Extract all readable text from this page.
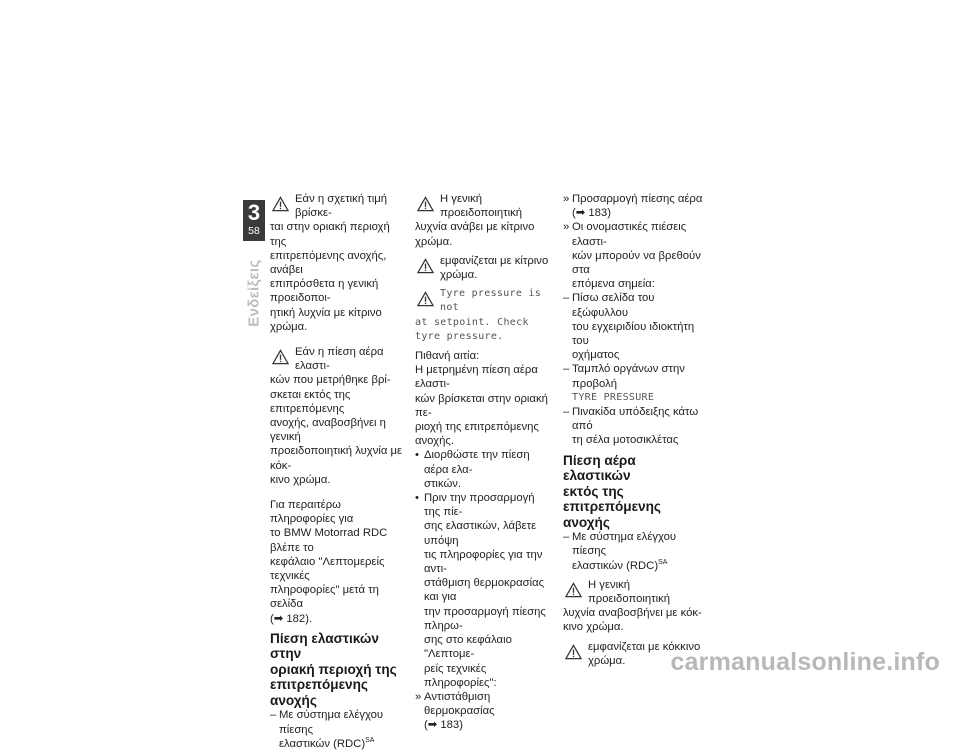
3
58
Ενδείξεις
Εάν η σχετική τιμή βρίσκε-
ται στην οριακή περιοχή της
επιτρεπόμενης ανοχής, ανάβει
επιπρόσθετα η γενική προειδοποι-
ητική λυχνία με κίτρινο χρώμα.
Εάν η πίεση αέρα ελαστι-
κών που μετρήθηκε βρί-
σκεται εκτός της επιτρεπόμενης
ανοχής, αναβοσβήνει η γενική
προειδοποιητική λυχνία με κόκ-
κινο χρώμα.
Για περαιτέρω πληροφορίες για
το BMW Motorrad RDC βλέπε το
κεφάλαιο "Λεπτομερείς τεχνικές
πληροφορίες" μετά τη σελίδα
(➡ 182).
Πίεση ελαστικών στην
οριακή περιοχή της
επιτρεπόμενης ανοχής
– Με σύστημα ελέγχου πίεσης
ελαστικών (RDC)$^{SA}$
Η γενική προειδοποιητική
λυχνία ανάβει με κίτρινο
χρώμα.
εμφανίζεται με κίτρινο
χρώμα.
Tyre pressure is not
at setpoint. Check
tyre pressure.
Πιθανή αιτία:
Η μετρημένη πίεση αέρα ελαστι-
κών βρίσκεται στην οριακή πε-
ριοχή της επιτρεπόμενης ανοχής.
• Διορθώστε την πίεση αέρα ελα-
στικών.
• Πριν την προσαρμογή της πίε-
σης ελαστικών, λάβετε υπόψη
τις πληροφορίες για την αντι-
στάθμιση θερμοκρασίας και για
την προσαρμογή πίεσης πληρω-
σης στο κεφάλαιο "Λεπτομε-
ρείς τεχνικές πληροφορίες":
» Αντιστάθμιση θερμοκρασίας
(➡ 183)
» Προσαρμογή πίεσης αέρα
(➡ 183)
» Οι ονομαστικές πιέσεις ελαστι-
κών μπορούν να βρεθούν στα
επόμενα σημεία:
– Πίσω σελίδα του εξώφυλλου
του εγχειριδίου ιδιοκτήτη του
οχήματος
– Ταμπλό οργάνων στην προβολή
TYRE PRESSURE
– Πινακίδα υπόδειξης κάτω από
τη σέλα μοτοσικλέτας
Πίεση αέρα ελαστικών
εκτός της επιτρεπόμενης
ανοχής
– Με σύστημα ελέγχου πίεσης
ελαστικών (RDC)$^{SA}$
Η γενική προειδοποιητική
λυχνία αναβοσβήνει με κόκ-
κινο χρώμα.
εμφανίζεται με κόκκινο
χρώμα.	carmanualsonline.info
